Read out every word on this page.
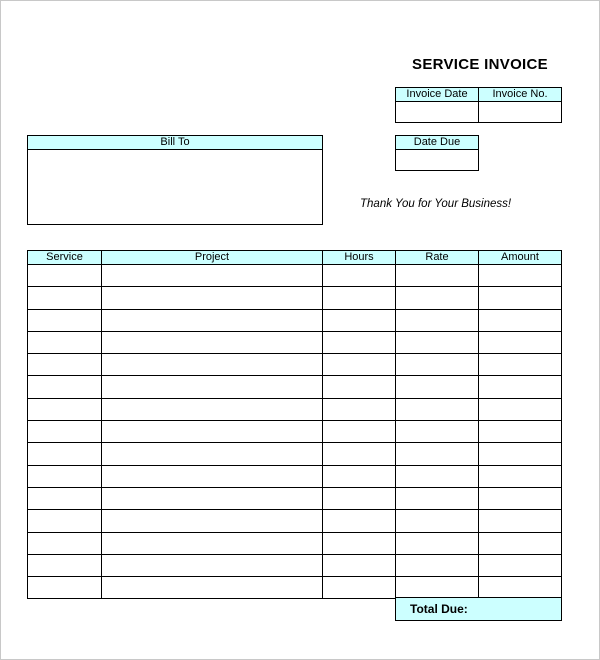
SERVICE INVOICE
Invoice Date	Invoice No.

Date Due

Bill To

Thank You for Your Business!
Service	Project	Hours	Rate	Amount

Total Due:
